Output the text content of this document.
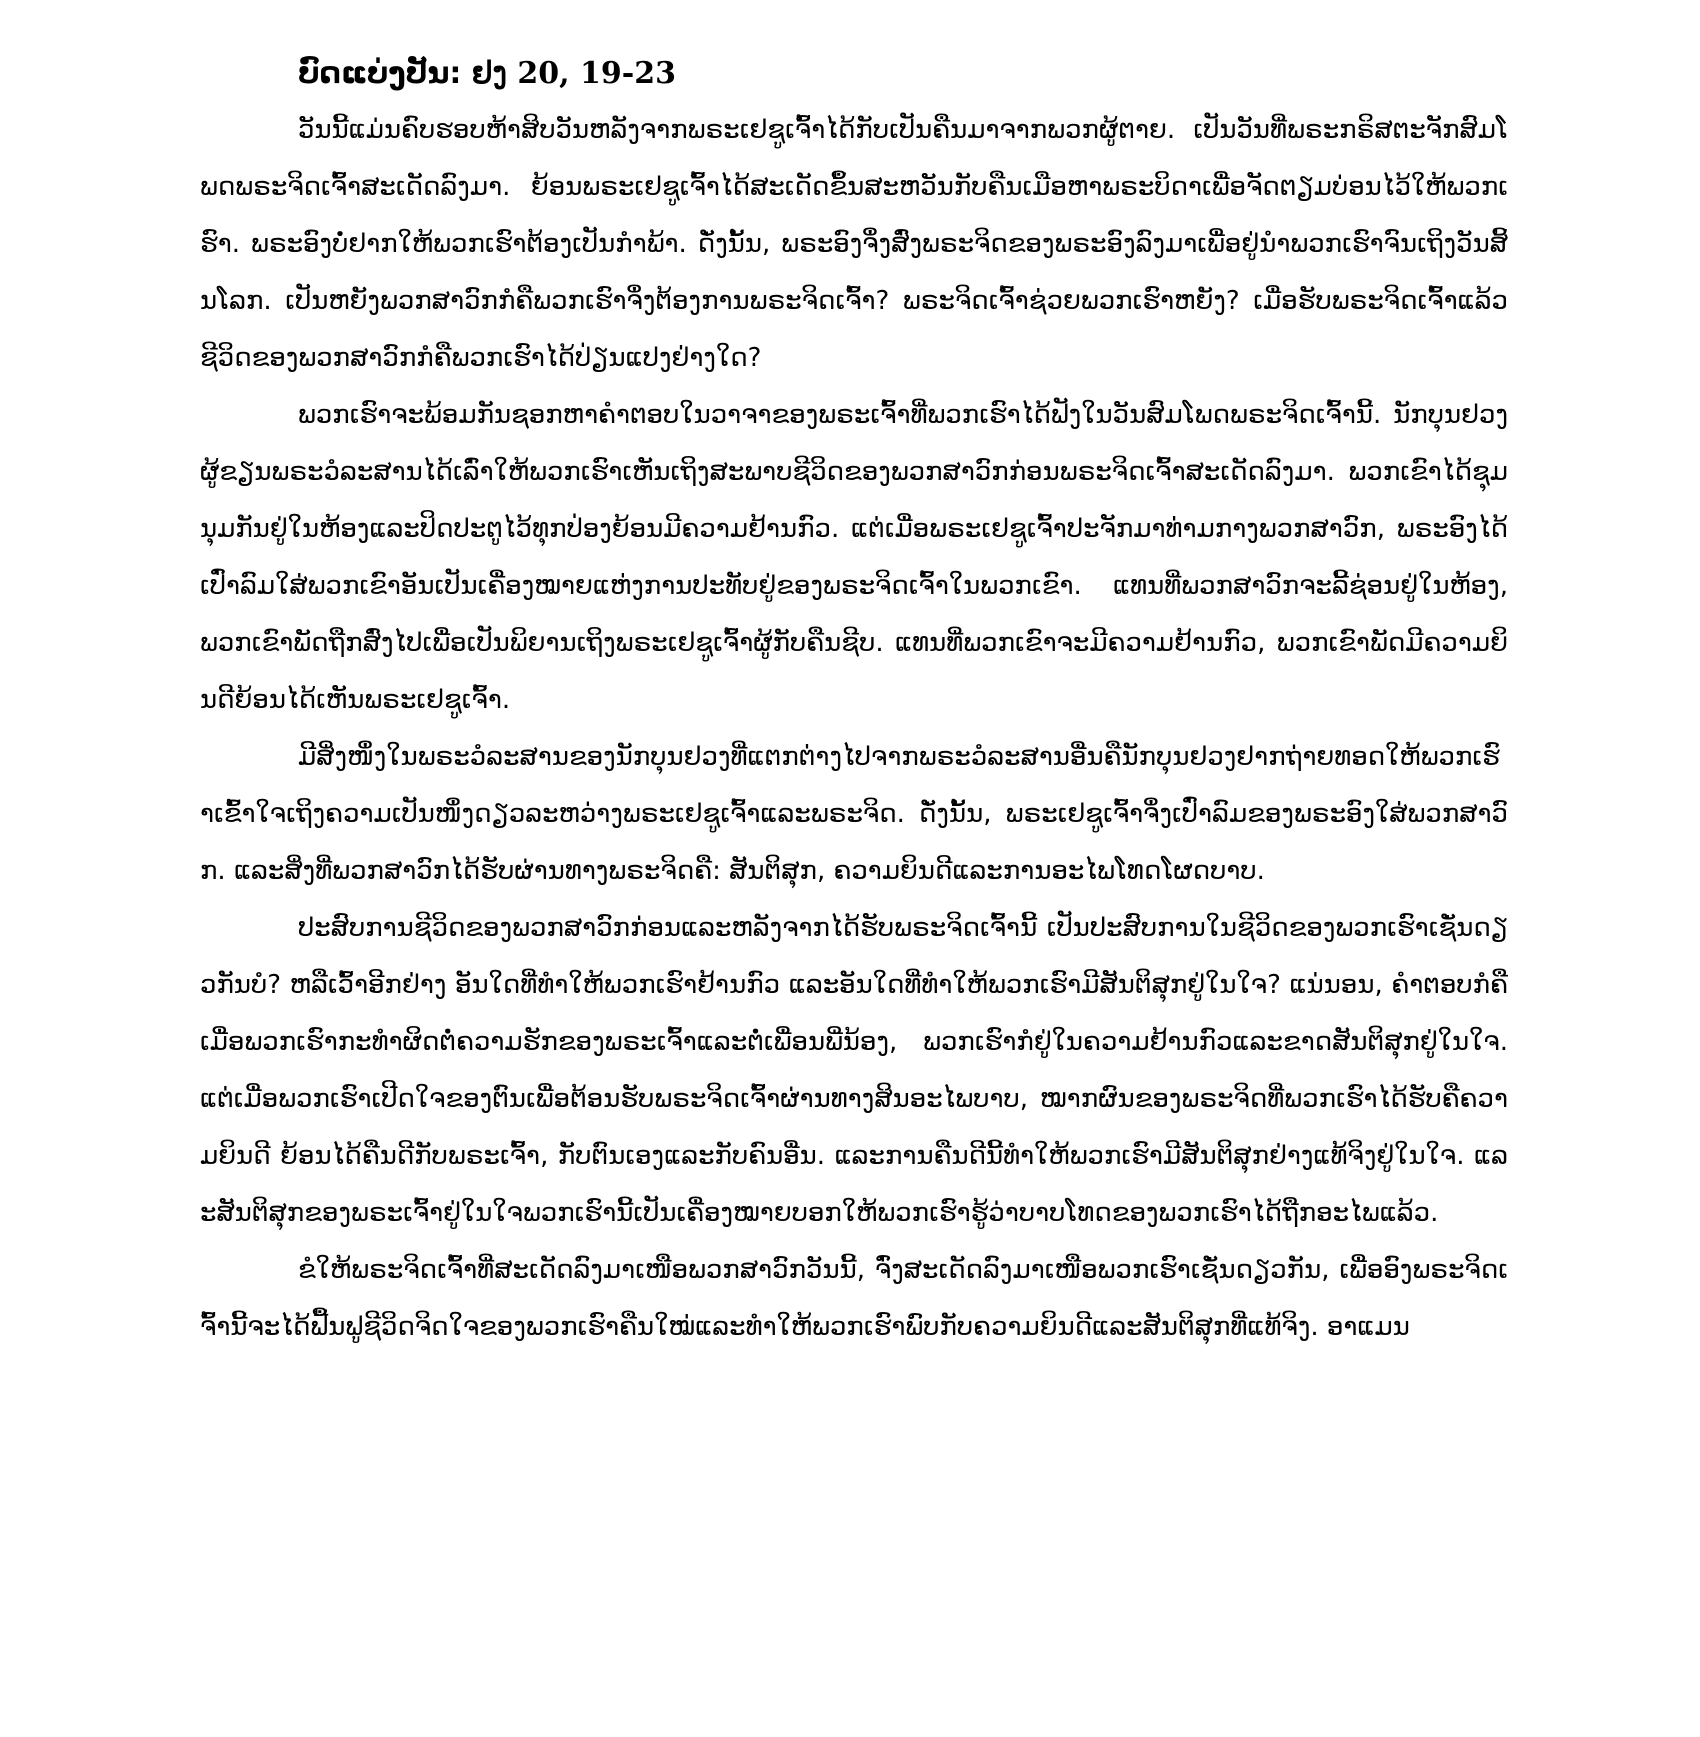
ບົດແບ່ງປັນ: ຢງ 20, 19-23

ວັນນີ້ແມ່ນຄົບຮອບຫ້າສິບວັນຫລັງຈາກພຣະເຢຊູເຈົ້າໄດ້ກັບເປັນຄືນມາຈາກພວກຜູ້ຕາຍ. ເປັນວັນທີ່ພຣະກຣິສຕະຈັກສົມໂພດພຣະຈິດເຈົ້າສະເດັດລົງມາ. ຍ້ອນພຣະເຢຊູເຈົ້າໄດ້ສະເດັດຂຶ້ນສະຫວັນກັບຄືນເມືອຫາພຣະບິດາເພື່ອຈັດຕຽມບ່ອນໄວ້ໃຫ້ພວກເຮົາ. ພຣະອົງບໍ່ຢາກໃຫ້ພວກເຮົາຕ້ອງເປັນກຳພ້າ. ດັ່ງນັ້ນ, ພຣະອົງຈຶ່ງສົ່ງພຣະຈິດຂອງພຣະອົງລົງມາເພື່ອຢູ່ນຳພວກເຮົາຈົນເຖິງວັນສິ້ນໂລກ. ເປັນຫຍັງພວກສາວົກກໍຄືພວກເຮົາຈຶ່ງຕ້ອງການພຣະຈິດເຈົ້າ? ພຣະຈິດເຈົ້າຊ່ວຍພວກເຮົາຫຍັງ? ເມື່ອຮັບພຣະຈິດເຈົ້າແລ້ວຊີວິດຂອງພວກສາວົກກໍຄືພວກເຮົາໄດ້ປ່ຽນແປງຢ່າງໃດ?

ພວກເຮົາຈະພ້ອມກັນຊອກຫາຄຳຕອບໃນວາຈາຂອງພຣະເຈົ້າທີ່ພວກເຮົາໄດ້ຟັງໃນວັນສົມໂພດພຣະຈິດເຈົ້ານີ້. ນັກບຸນຢວງຜູ້ຂຽນພຣະວໍລະສານໄດ້ເລົ່າໃຫ້ພວກເຮົາເຫັນເຖິງສະພາບຊີວິດຂອງພວກສາວົກກ່ອນພຣະຈິດເຈົ້າສະເດັດລົງມາ. ພວກເຂົາໄດ້ຊຸມນຸມກັນຢູ່ໃນຫ້ອງແລະປິດປະຕູໄວ້ທຸກປ່ອງຍ້ອນມີຄວາມຢ້ານກົວ. ແຕ່ເມື່ອພຣະເຢຊູເຈົ້າປະຈັກມາທ່າມກາງພວກສາວົກ, ພຣະອົງໄດ້ເປົ່າລົມໃສ່ພວກເຂົາອັນເປັນເຄື່ອງໝາຍແຫ່ງການປະທັບຢູ່ຂອງພຣະຈິດເຈົ້າໃນພວກເຂົາ. ແທນທີ່ພວກສາວົກຈະລີ້ຊ່ອນຢູ່ໃນຫ້ອງ, ພວກເຂົາພັດຖືກສົ່ງໄປເພື່ອເປັນພິຍານເຖິງພຣະເຢຊູເຈົ້າຜູ້ກັບຄືນຊີບ. ແທນທີ່ພວກເຂົາຈະມີຄວາມຢ້ານກົວ, ພວກເຂົາພັດມີຄວາມຍິນດີຍ້ອນໄດ້ເຫັນພຣະເຢຊູເຈົ້າ.

ມີສິ່ງໜຶ່ງໃນພຣະວໍລະສານຂອງນັກບຸນຢວງທີ່ແຕກຕ່າງໄປຈາກພຣະວໍລະສານອື່ນຄືນັກບຸນຢວງຢາກຖ່າຍທອດໃຫ້ພວກເຮົາເຂົ້າໃຈເຖິງຄວາມເປັນໜຶ່ງດຽວລະຫວ່າງພຣະເຢຊູເຈົ້າແລະພຣະຈິດ. ດັ່ງນັ້ນ, ພຣະເຢຊູເຈົ້າຈຶ່ງເປົ່າລົມຂອງພຣະອົງໃສ່ພວກສາວົກ. ແລະສິ່ງທີ່ພວກສາວົກໄດ້ຮັບຜ່ານທາງພຣະຈິດຄື: ສັນຕິສຸກ, ຄວາມຍິນດີແລະການອະໄພໂທດໂຜດບາບ.

ປະສົບການຊີວິດຂອງພວກສາວົກກ່ອນແລະຫລັງຈາກໄດ້ຮັບພຣະຈິດເຈົ້ານີ້ ເປັນປະສົບການໃນຊີວິດຂອງພວກເຮົາເຊັ່ນດຽວກັນບໍ? ຫລືເວົ້າອີກຢ່າງ ອັນໃດທີ່ທຳໃຫ້ພວກເຮົາຢ້ານກົວ ແລະອັນໃດທີ່ທຳໃຫ້ພວກເຮົາມີສັນຕິສຸກຢູ່ໃນໃຈ? ແນ່ນອນ, ຄຳຕອບກໍຄືເມື່ອພວກເຮົາກະທຳຜິດຕໍ່ຄວາມຮັກຂອງພຣະເຈົ້າແລະຕໍ່ເພື່ອນພີ່ນ້ອງ, ພວກເຮົາກໍຢູ່ໃນຄວາມຢ້ານກົວແລະຂາດສັນຕິສຸກຢູ່ໃນໃຈ. ແຕ່ເມື່ອພວກເຮົາເປີດໃຈຂອງຕົນເພື່ອຕ້ອນຮັບພຣະຈິດເຈົ້າຜ່ານທາງສິນອະໄພບາບ, ໝາກຜົນຂອງພຣະຈິດທີ່ພວກເຮົາໄດ້ຮັບຄືຄວາມຍິນດີ ຍ້ອນໄດ້ຄືນດີກັບພຣະເຈົ້າ, ກັບຕົນເອງແລະກັບຄົນອື່ນ. ແລະການຄືນດີນີ້ທຳໃຫ້ພວກເຮົາມີສັນຕິສຸກຢ່າງແທ້ຈິງຢູ່ໃນໃຈ. ແລະສັນຕິສຸກຂອງພຣະເຈົ້າຢູ່ໃນໃຈພວກເຮົານີ້ເປັນເຄື່ອງໝາຍບອກໃຫ້ພວກເຮົາຮູ້ວ່າບາບໂທດຂອງພວກເຮົາໄດ້ຖືກອະໄພແລ້ວ.

ຂໍໃຫ້ພຣະຈິດເຈົ້າທີ່ສະເດັດລົງມາເໜືອພວກສາວົກວັນນີ້, ຈົ່ງສະເດັດລົງມາເໜືອພວກເຮົາເຊັ່ນດຽວກັນ, ເພື່ອອົງພຣະຈິດເຈົ້ານີ້ຈະໄດ້ຟື້ນຟູຊີວິດຈິດໃຈຂອງພວກເຮົາຄືນໃໝ່ແລະທຳໃຫ້ພວກເຮົາພົບກັບຄວາມຍິນດີແລະສັນຕິສຸກທີ່ແທ້ຈິງ. ອາແມນ
